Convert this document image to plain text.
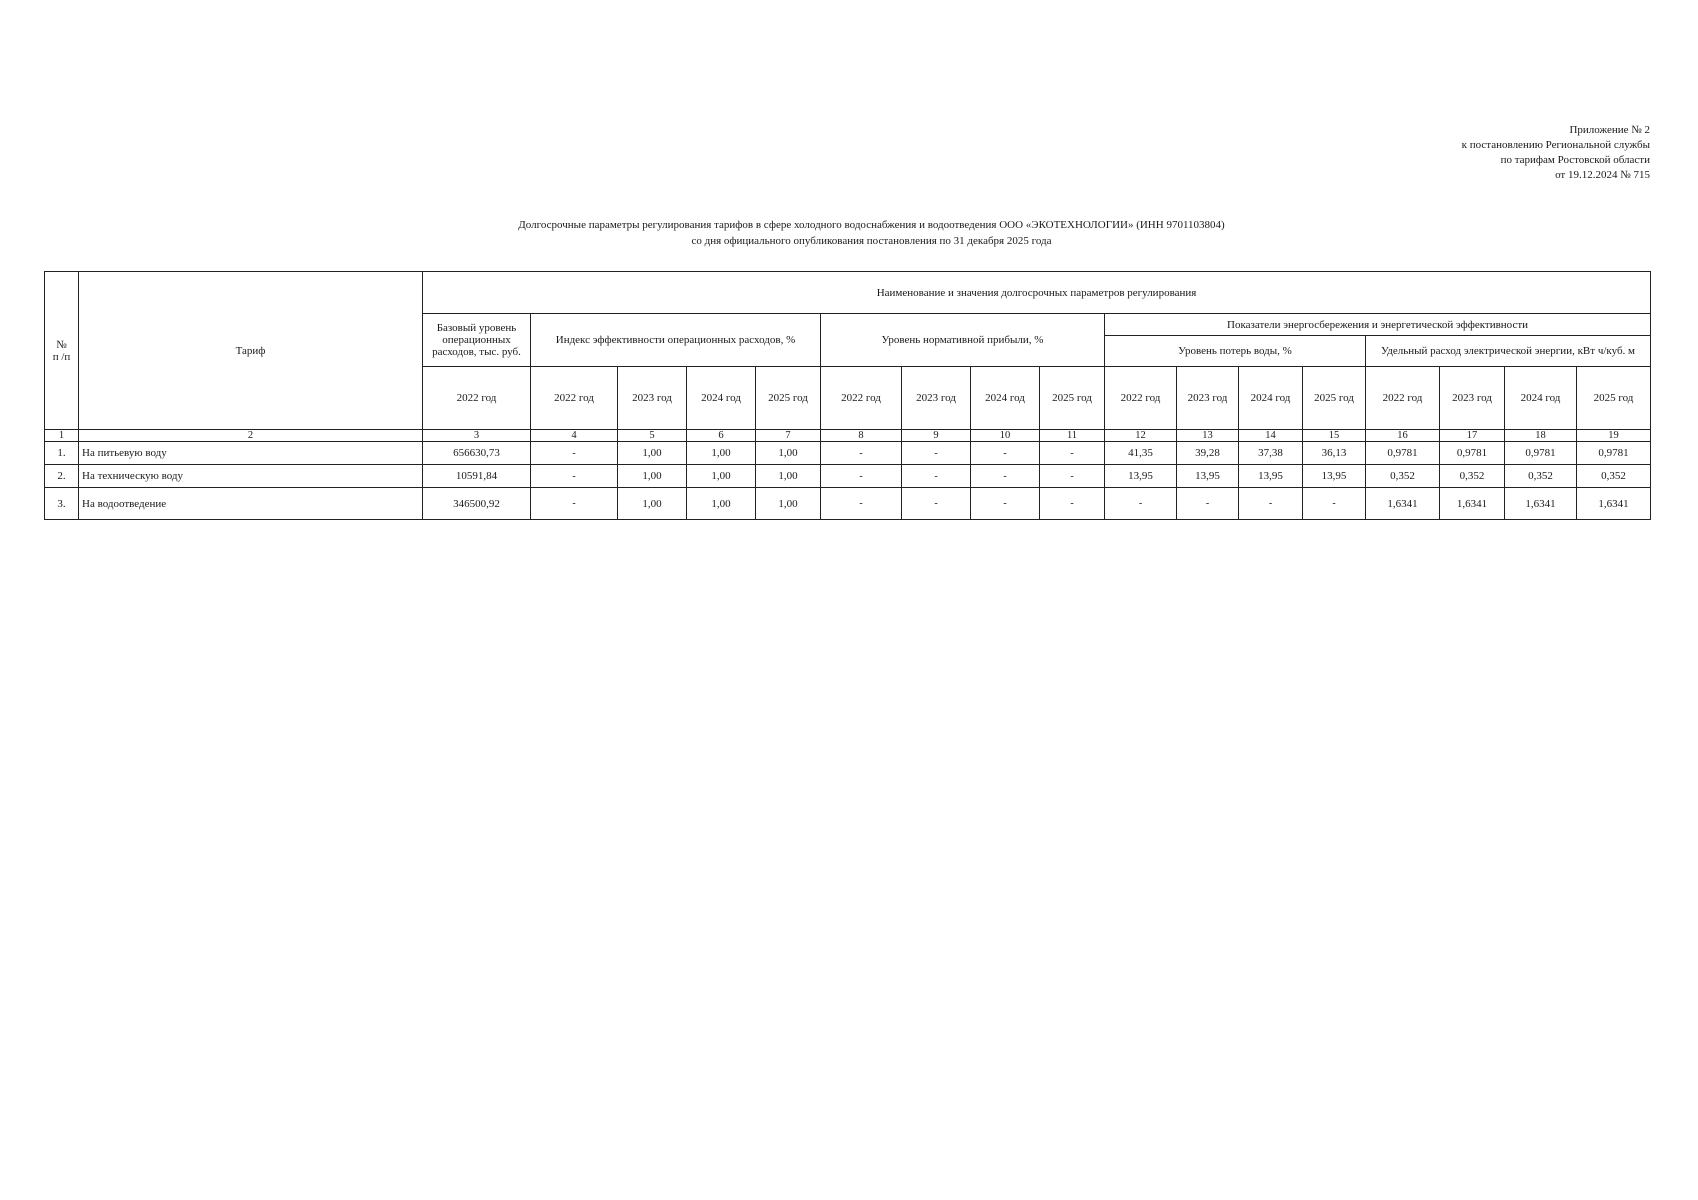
Приложение № 2
к постановлению Региональной службы
по тарифам Ростовской области
от 19.12.2024 № 715
Долгосрочные параметры регулирования тарифов в сфере холодного водоснабжения и водоотведения ООО «ЭКОТЕХНОЛОГИИ» (ИНН 9701103804)
со дня официального опубликования постановления по 31 декабря 2025 года
№
п /п	Тариф	Наименование и значения долгосрочных параметров регулирования																
		Базовый уровень операционных расходов, тыс. руб.	Индекс эффективности операционных расходов, %				Уровень нормативной прибыли, %				Показатели энергосбережения и энергетической эффективности							
											Уровень потерь воды, %				Удельный расход электрической энергии, кВт ч/куб. м			
		2022 год	2022 год	2023 год	2024 год	2025 год	2022 год	2023 год	2024 год	2025 год	2022 год	2023 год	2024 год	2025 год	2022 год	2023 год	2024 год	2025 год
1	2	3	4	5	6	7	8	9	10	11	12	13	14	15	16	17	18	19
1.	На питьевую воду	656630,73	-	1,00	1,00	1,00	-	-	-	-	41,35	39,28	37,38	36,13	0,9781	0,9781	0,9781	0,9781
2.	На техническую воду	10591,84	-	1,00	1,00	1,00	-	-	-	-	13,95	13,95	13,95	13,95	0,352	0,352	0,352	0,352
3.	На водоотведение	346500,92	-	1,00	1,00	1,00	-	-	-	-	-	-	-	-	1,6341	1,6341	1,6341	1,6341
